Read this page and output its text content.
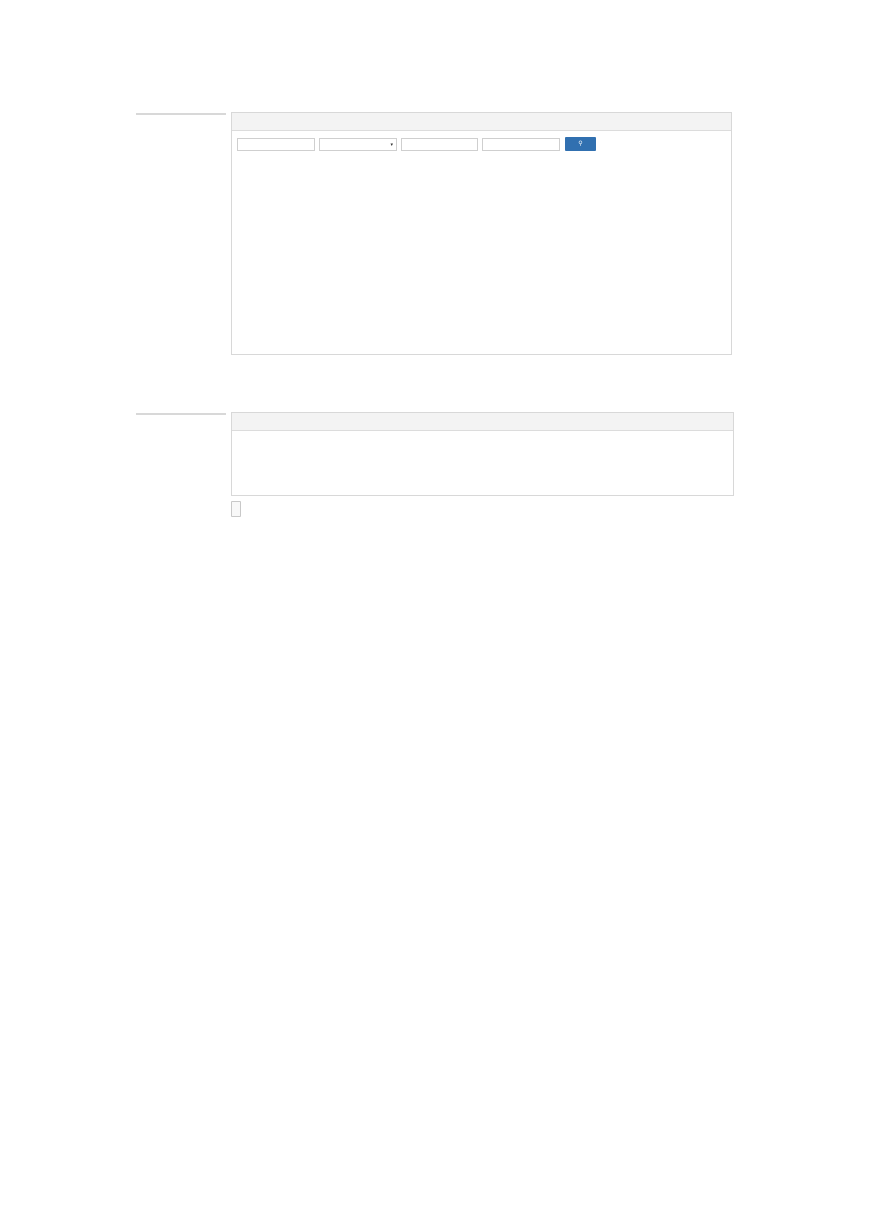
▾	⚲
